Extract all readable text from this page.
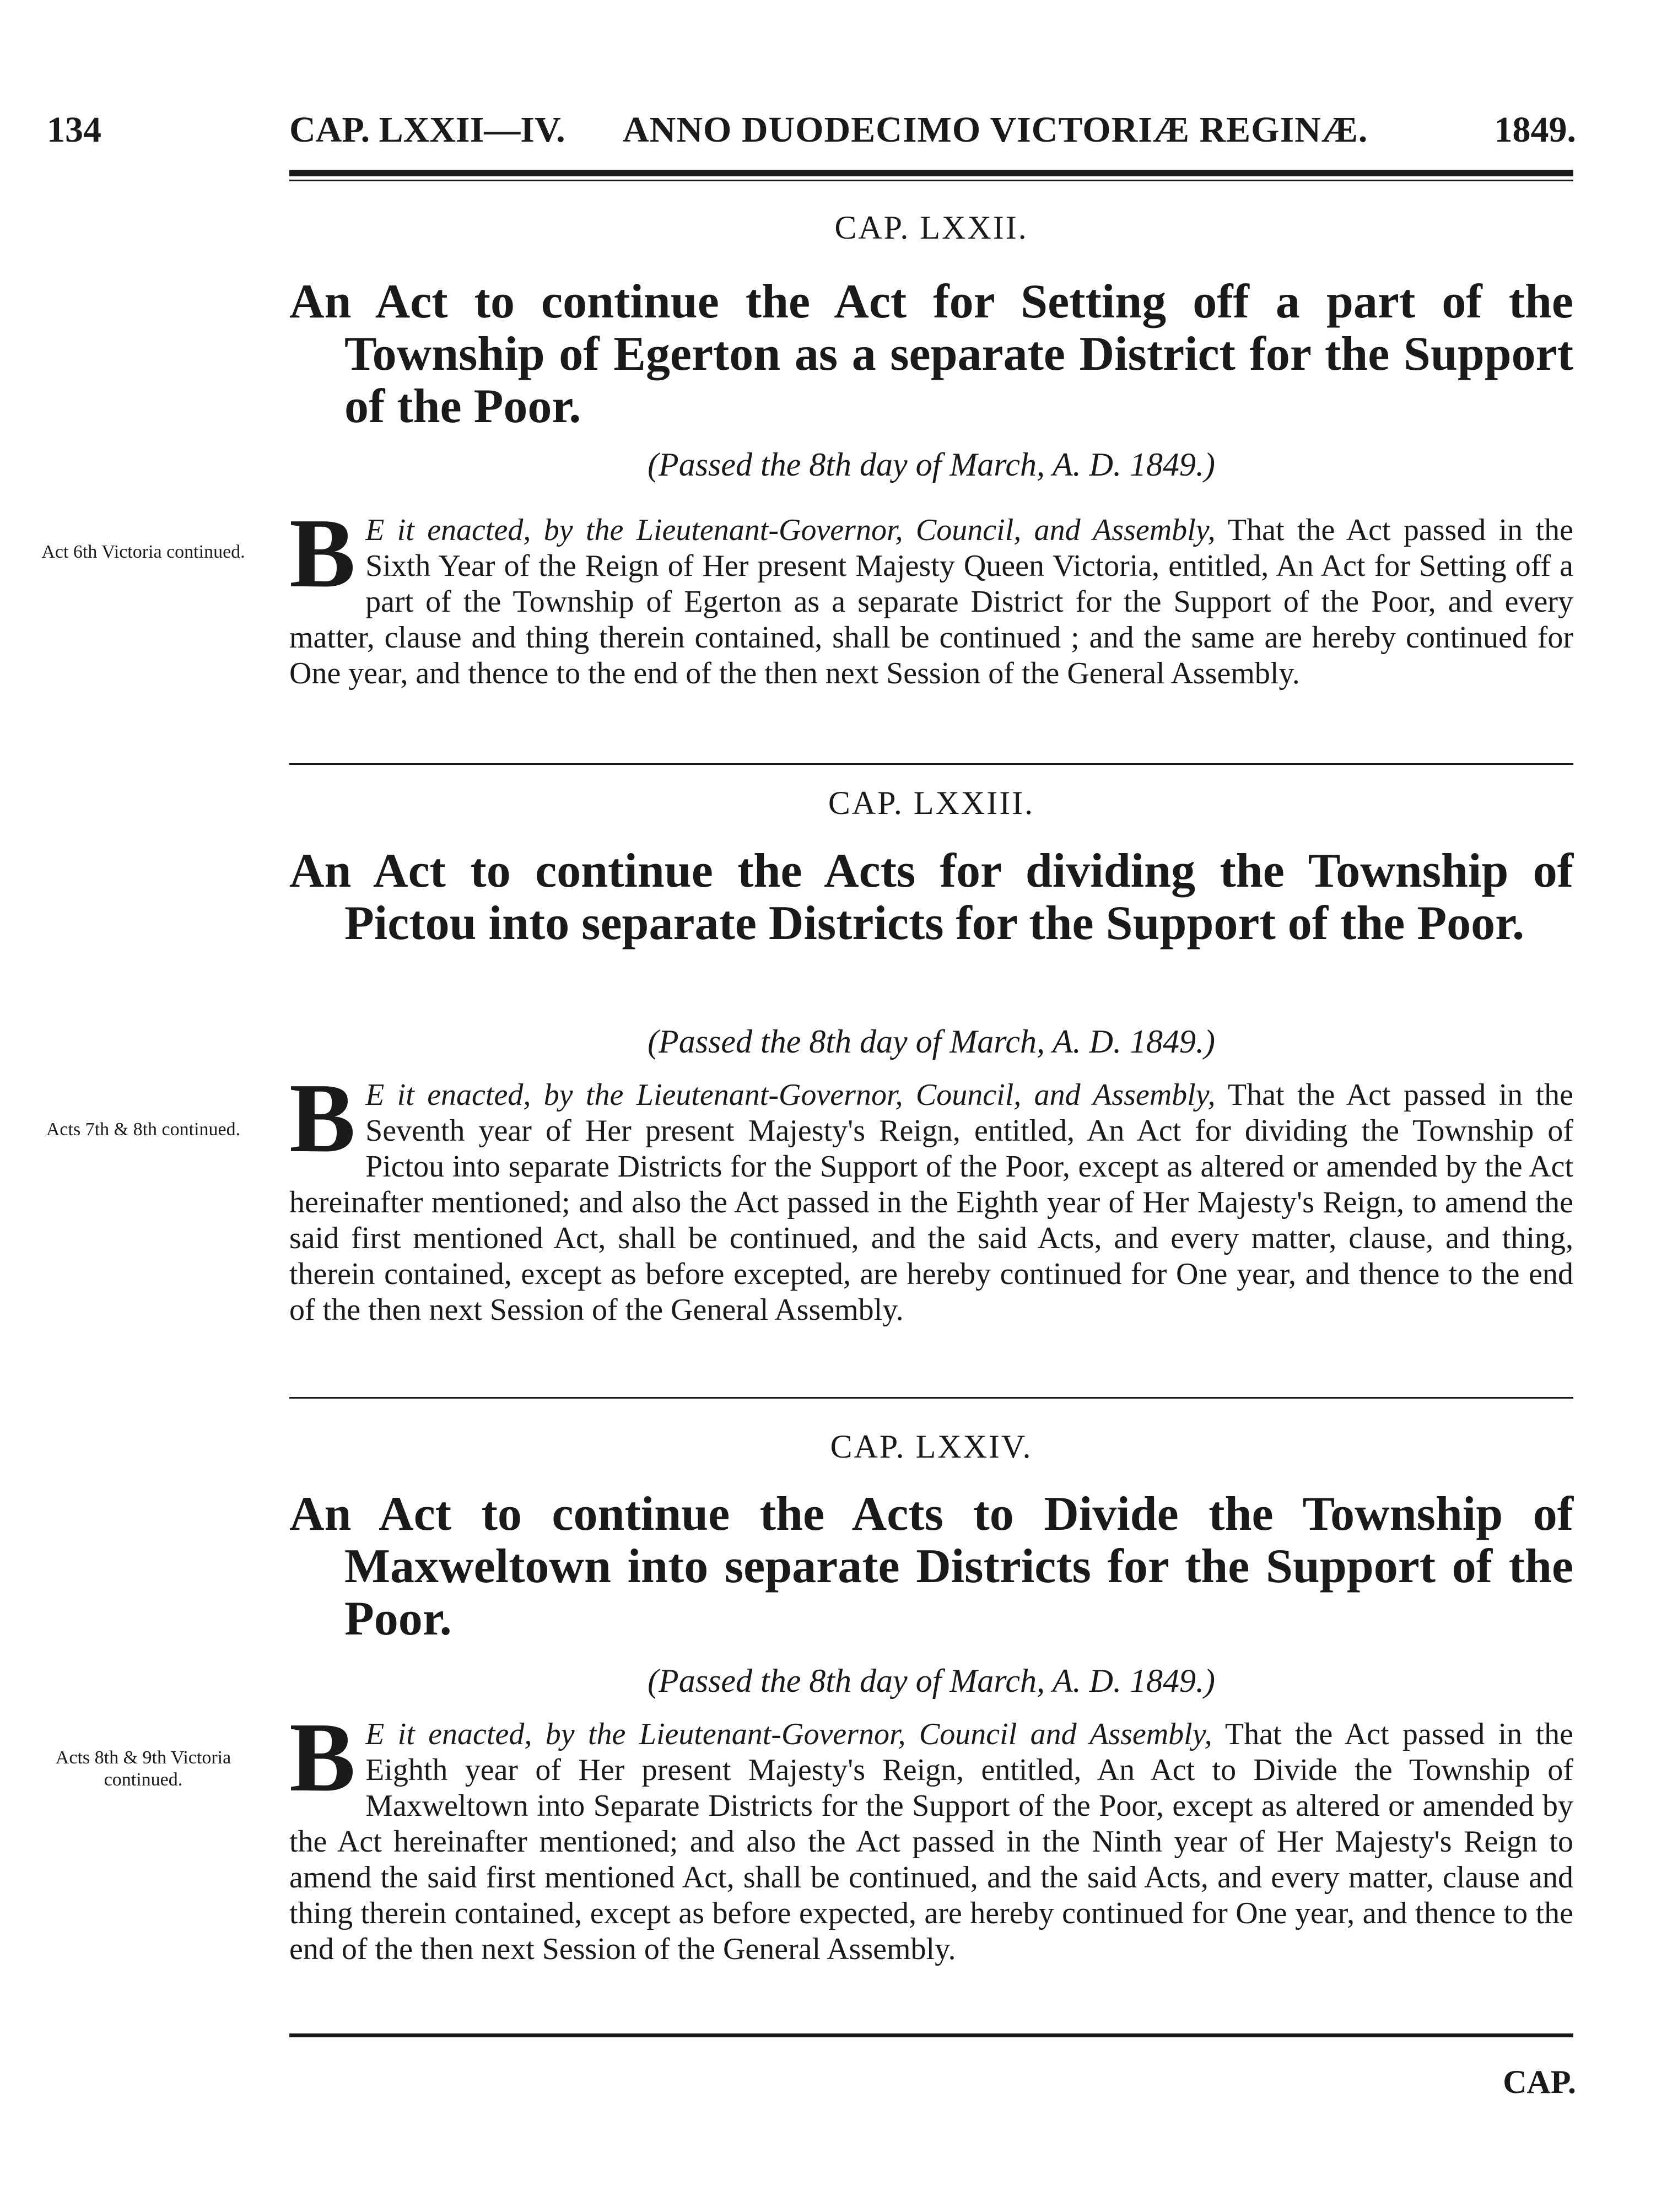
134	CAP. LXXII—IV. ANNO DUODECIMO VICTORIÆ REGINÆ.	1849.
CAP. LXXII.
An Act to continue the Act for Setting off a part of the Township of Egerton as a separate District for the Support of the Poor.
(Passed the 8th day of March, A. D. 1849.)
Act 6th Victoria continued. B E it enacted, by the Lieutenant-Governor, Council, and Assembly, That the Act passed in the Sixth Year of the Reign of Her present Majesty Queen Victoria, entitled, An Act for Setting off a part of the Township of Egerton as a separate District for the Support of the Poor, and every matter, clause and thing therein contained, shall be continued ; and the same are hereby continued for One year, and thence to the end of the then next Session of the General Assembly.

CAP. LXXIII.
An Act to continue the Acts for dividing the Township of Pictou into separate Districts for the Support of the Poor.
(Passed the 8th day of March, A. D. 1849.)
Acts 7th & 8th continued. B E it enacted, by the Lieutenant-Governor, Council, and Assembly, That the Act passed in the Seventh year of Her present Majesty's Reign, entitled, An Act for dividing the Township of Pictou into separate Districts for the Support of the Poor, except as altered or amended by the Act hereinafter mentioned; and also the Act passed in the Eighth year of Her Majesty's Reign, to amend the said first mentioned Act, shall be continued, and the said Acts, and every matter, clause, and thing, therein contained, except as before excepted, are hereby continued for One year, and thence to the end of the then next Session of the General Assembly.

CAP. LXXIV.
An Act to continue the Acts to Divide the Township of Maxweltown into separate Districts for the Support of the Poor.
(Passed the 8th day of March, A. D. 1849.)
Acts 8th & 9th Victoria continued.	B E it enacted, by the Lieutenant-Governor, Council and Assembly, That the Act passed in the Eighth year of Her present Majesty's Reign, entitled, An Act to Divide the Township of Maxweltown into Separate Districts for the Support of the Poor, except as altered or amended by the Act hereinafter mentioned; and also the Act passed in the Ninth year of Her Majesty's Reign to amend the said first mentioned Act, shall be continued, and the said Acts, and every matter, clause and thing therein contained, except as before expected, are hereby continued for One year, and thence to the end of the then next Session of the General Assembly.

CAP.
